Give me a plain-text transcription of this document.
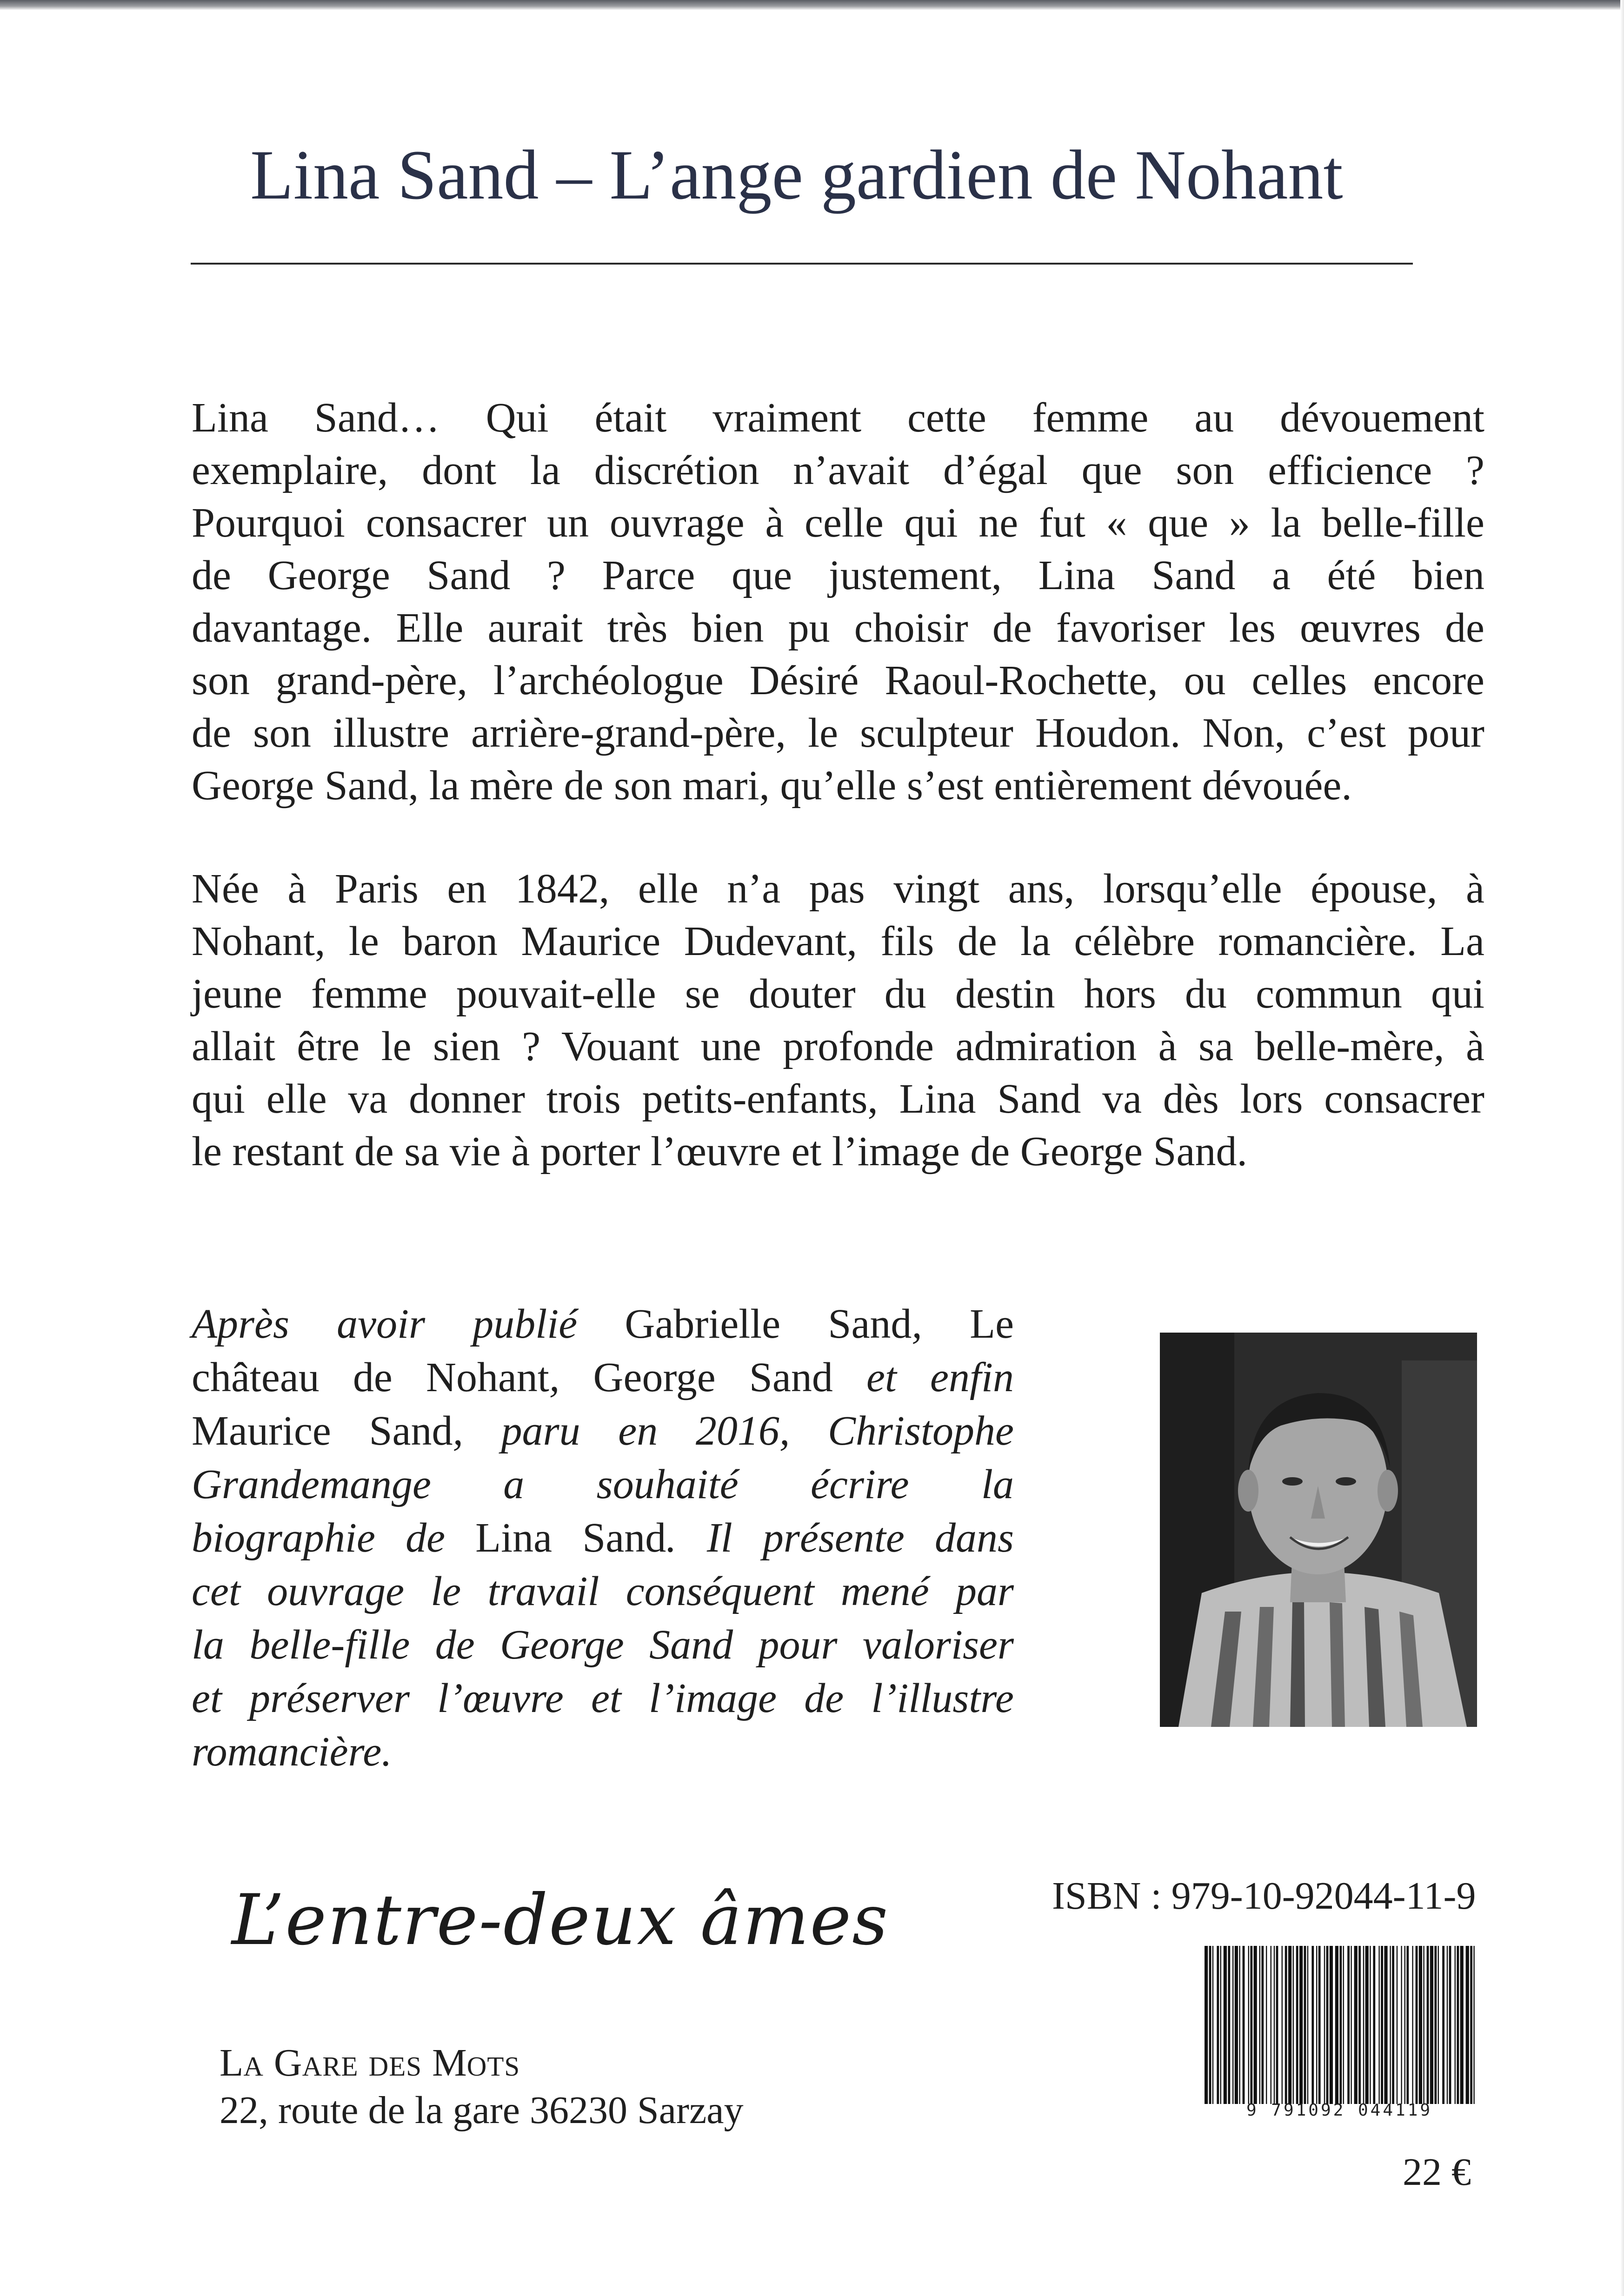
Lina Sand – L’ange gardien de Nohant
Lina Sand… Qui était vraiment cette femme au dévouement
exemplaire, dont la discrétion n’avait d’égal que son efficience ?
Pourquoi consacrer un ouvrage à celle qui ne fut « que » la belle-fille
de George Sand ? Parce que justement, Lina Sand a été bien
davantage. Elle aurait très bien pu choisir de favoriser les œuvres de
son grand-père, l’archéologue Désiré Raoul-Rochette, ou celles encore
de son illustre arrière-grand-père, le sculpteur Houdon. Non, c’est pour
George Sand, la mère de son mari, qu’elle s’est entièrement dévouée.
Née à Paris en 1842, elle n’a pas vingt ans, lorsqu’elle épouse, à
Nohant, le baron Maurice Dudevant, fils de la célèbre romancière. La
jeune femme pouvait-elle se douter du destin hors du commun qui
allait être le sien ? Vouant une profonde admiration à sa belle-mère, à
qui elle va donner trois petits-enfants, Lina Sand va dès lors consacrer
le restant de sa vie à porter l’œuvre et l’image de George Sand.
Après avoir publié Gabrielle Sand, Le
château de Nohant, George Sand et enfin
Maurice Sand, paru en 2016, Christophe
Grandemange a souhaité écrire la
biographie de Lina Sand. Il présente dans
cet ouvrage le travail conséquent mené par
la belle-fille de George Sand pour valoriser
et préserver l’œuvre et l’image de l’illustre
romancière.
L’entre-deux âmes
La Gare des Mots
22, route de la gare 36230 Sarzay
ISBN : 979-10-92044-11-9
9 791092 044119
22 €
